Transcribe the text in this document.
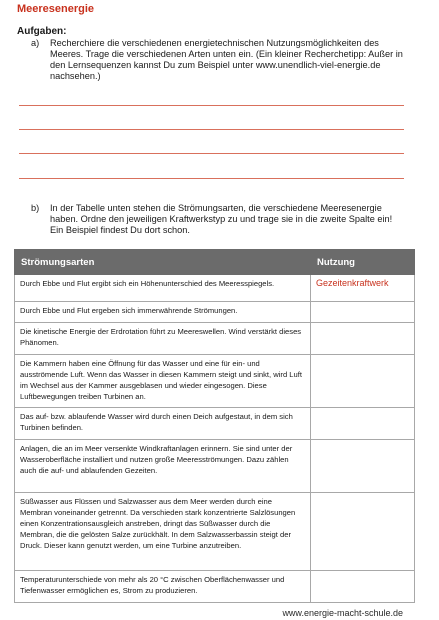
Meeresenergie
Aufgaben:
a) Recherchiere die verschiedenen energietechnischen Nutzungsmöglichkeiten des Meeres. Trage die verschiedenen Arten unten ein. (Ein kleiner Recherchetipp: Außer in den Lernsequenzen kannst Du zum Beispiel unter www.unendlich-viel-energie.de nachsehen.)
b) In der Tabelle unten stehen die Strömungsarten, die verschiedene Meeresenergie haben. Ordne den jeweiligen Kraftwerkstyp zu und trage sie in die zweite Spalte ein! Ein Beispiel findest Du dort schon.
Strömungsarten	Nutzung
Durch Ebbe und Flut ergibt sich ein Höhenunterschied des Meeresspiegels.	Gezeitenkraftwerk
Durch Ebbe und Flut ergeben sich immerwährende Strömungen.	
Die kinetische Energie der Erdrotation führt zu Meereswellen. Wind verstärkt dieses Phänomen.	
Die Kammern haben eine Öffnung für das Wasser und eine für ein- und ausströmende Luft. Wenn das Wasser in diesen Kammern steigt und sinkt, wird Luft im Wechsel aus der Kammer ausgeblasen und wieder eingesogen. Diese Luftbewegungen treiben Turbinen an.	
Das auf- bzw. ablaufende Wasser wird durch einen Deich aufgestaut, in dem sich Turbinen befinden.	
Anlagen, die an im Meer versenkte Windkraftanlagen erinnern. Sie sind unter der Wasseroberfläche installiert und nutzen große Meeresströmungen. Dazu zählen auch die auf- und ablaufenden Gezeiten.	
Süßwasser aus Flüssen und Salzwasser aus dem Meer werden durch eine Membran voneinander getrennt. Da verschieden stark konzentrierte Salzlösungen einen Konzentrationsausgleich anstreben, dringt das Süßwasser durch die Membran, die die gelösten Salze zurückhält. In dem Salzwasserbassin steigt der Druck. Dieser kann genutzt werden, um eine Turbine anzutreiben.	
Temperaturunterschiede von mehr als 20 °C zwischen Oberflächenwasser und Tiefenwasser ermöglichen es, Strom zu produzieren.	
www.energie-macht-schule.de
